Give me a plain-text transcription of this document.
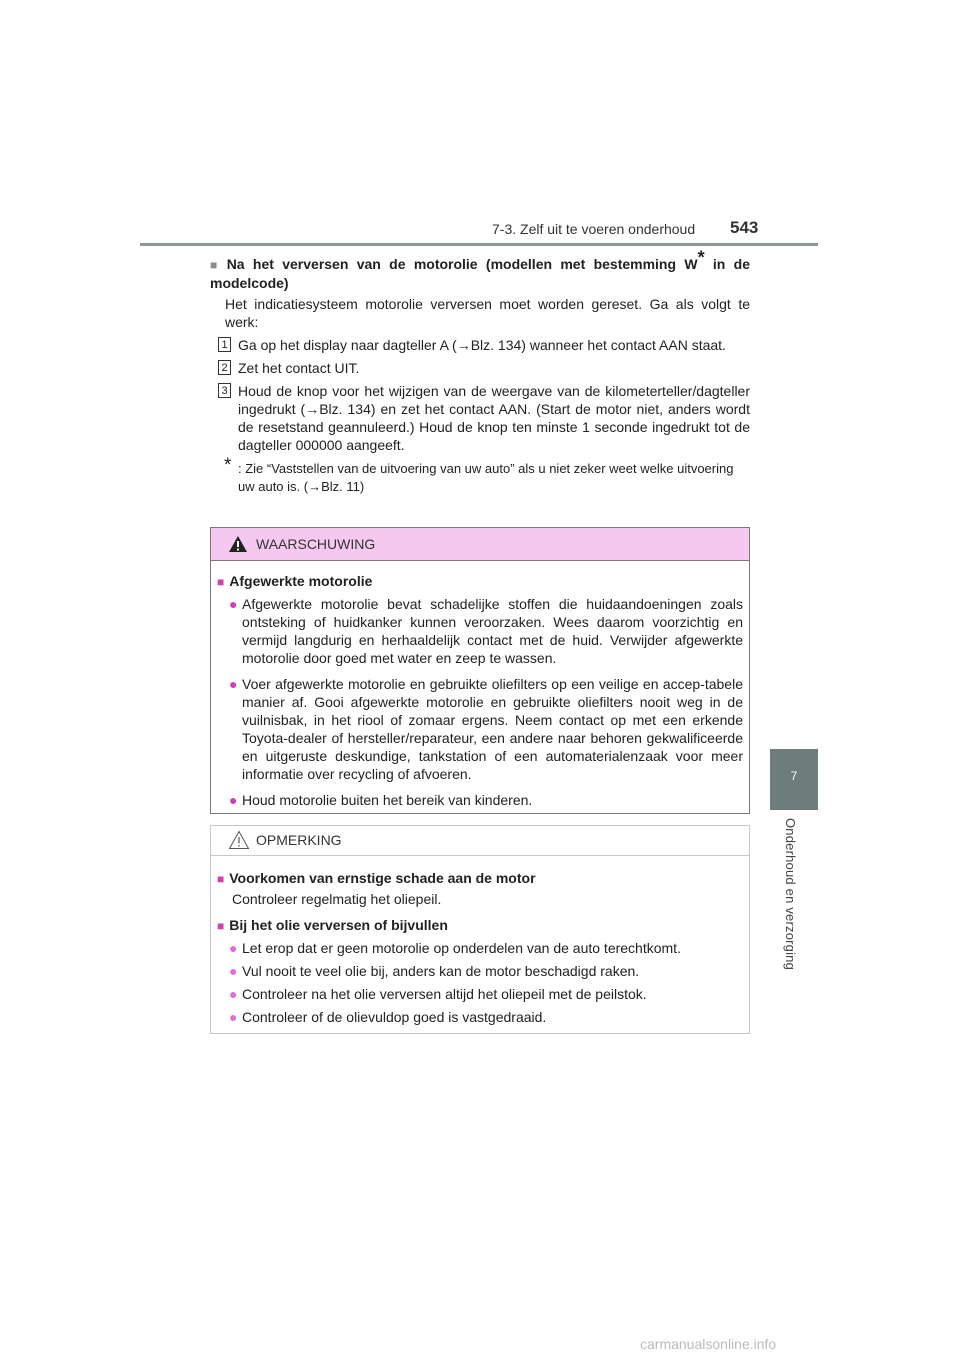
7-3. Zelf uit te voeren onderhoud 543
7
Onderhoud en verzorging
■ Na het verversen van de motorolie (modellen met bestemming W* in de modelcode)
Het indicatiesysteem motorolie verversen moet worden gereset. Ga als volgt te werk:
1 Ga op het display naar dagteller A (→Blz. 134) wanneer het contact AAN staat.
2 Zet het contact UIT.
3 Houd de knop voor het wijzigen van de weergave van de kilometerteller/dagteller ingedrukt (→Blz. 134) en zet het contact AAN. (Start de motor niet, anders wordt de resetstand geannuleerd.) Houd de knop ten minste 1 seconde ingedrukt tot de dagteller 000000 aangeeft.
* : Zie “Vaststellen van de uitvoering van uw auto” als u niet zeker weet welke uitvoering uw auto is. (→Blz. 11)
WAARSCHUWING
■ Afgewerkte motorolie
● Afgewerkte motorolie bevat schadelijke stoffen die huidaandoeningen zoals ontsteking of huidkanker kunnen veroorzaken. Wees daarom voorzichtig en vermijd langdurig en herhaaldelijk contact met de huid. Verwijder afgewerkte motorolie door goed met water en zeep te wassen.
● Voer afgewerkte motorolie en gebruikte oliefilters op een veilige en accep-tabele manier af. Gooi afgewerkte motorolie en gebruikte oliefilters nooit weg in de vuilnisbak, in het riool of zomaar ergens. Neem contact op met een erkende Toyota-dealer of hersteller/reparateur, een andere naar behoren gekwalificeerde en uitgeruste deskundige, tankstation of een automaterialenzaak voor meer informatie over recycling of afvoeren.
● Houd motorolie buiten het bereik van kinderen.
OPMERKING
■ Voorkomen van ernstige schade aan de motor
Controleer regelmatig het oliepeil.
■ Bij het olie verversen of bijvullen
● Let erop dat er geen motorolie op onderdelen van de auto terechtkomt.
● Vul nooit te veel olie bij, anders kan de motor beschadigd raken.
● Controleer na het olie verversen altijd het oliepeil met de peilstok.
● Controleer of de olievuldop goed is vastgedraaid.
carmanualsonline.info
